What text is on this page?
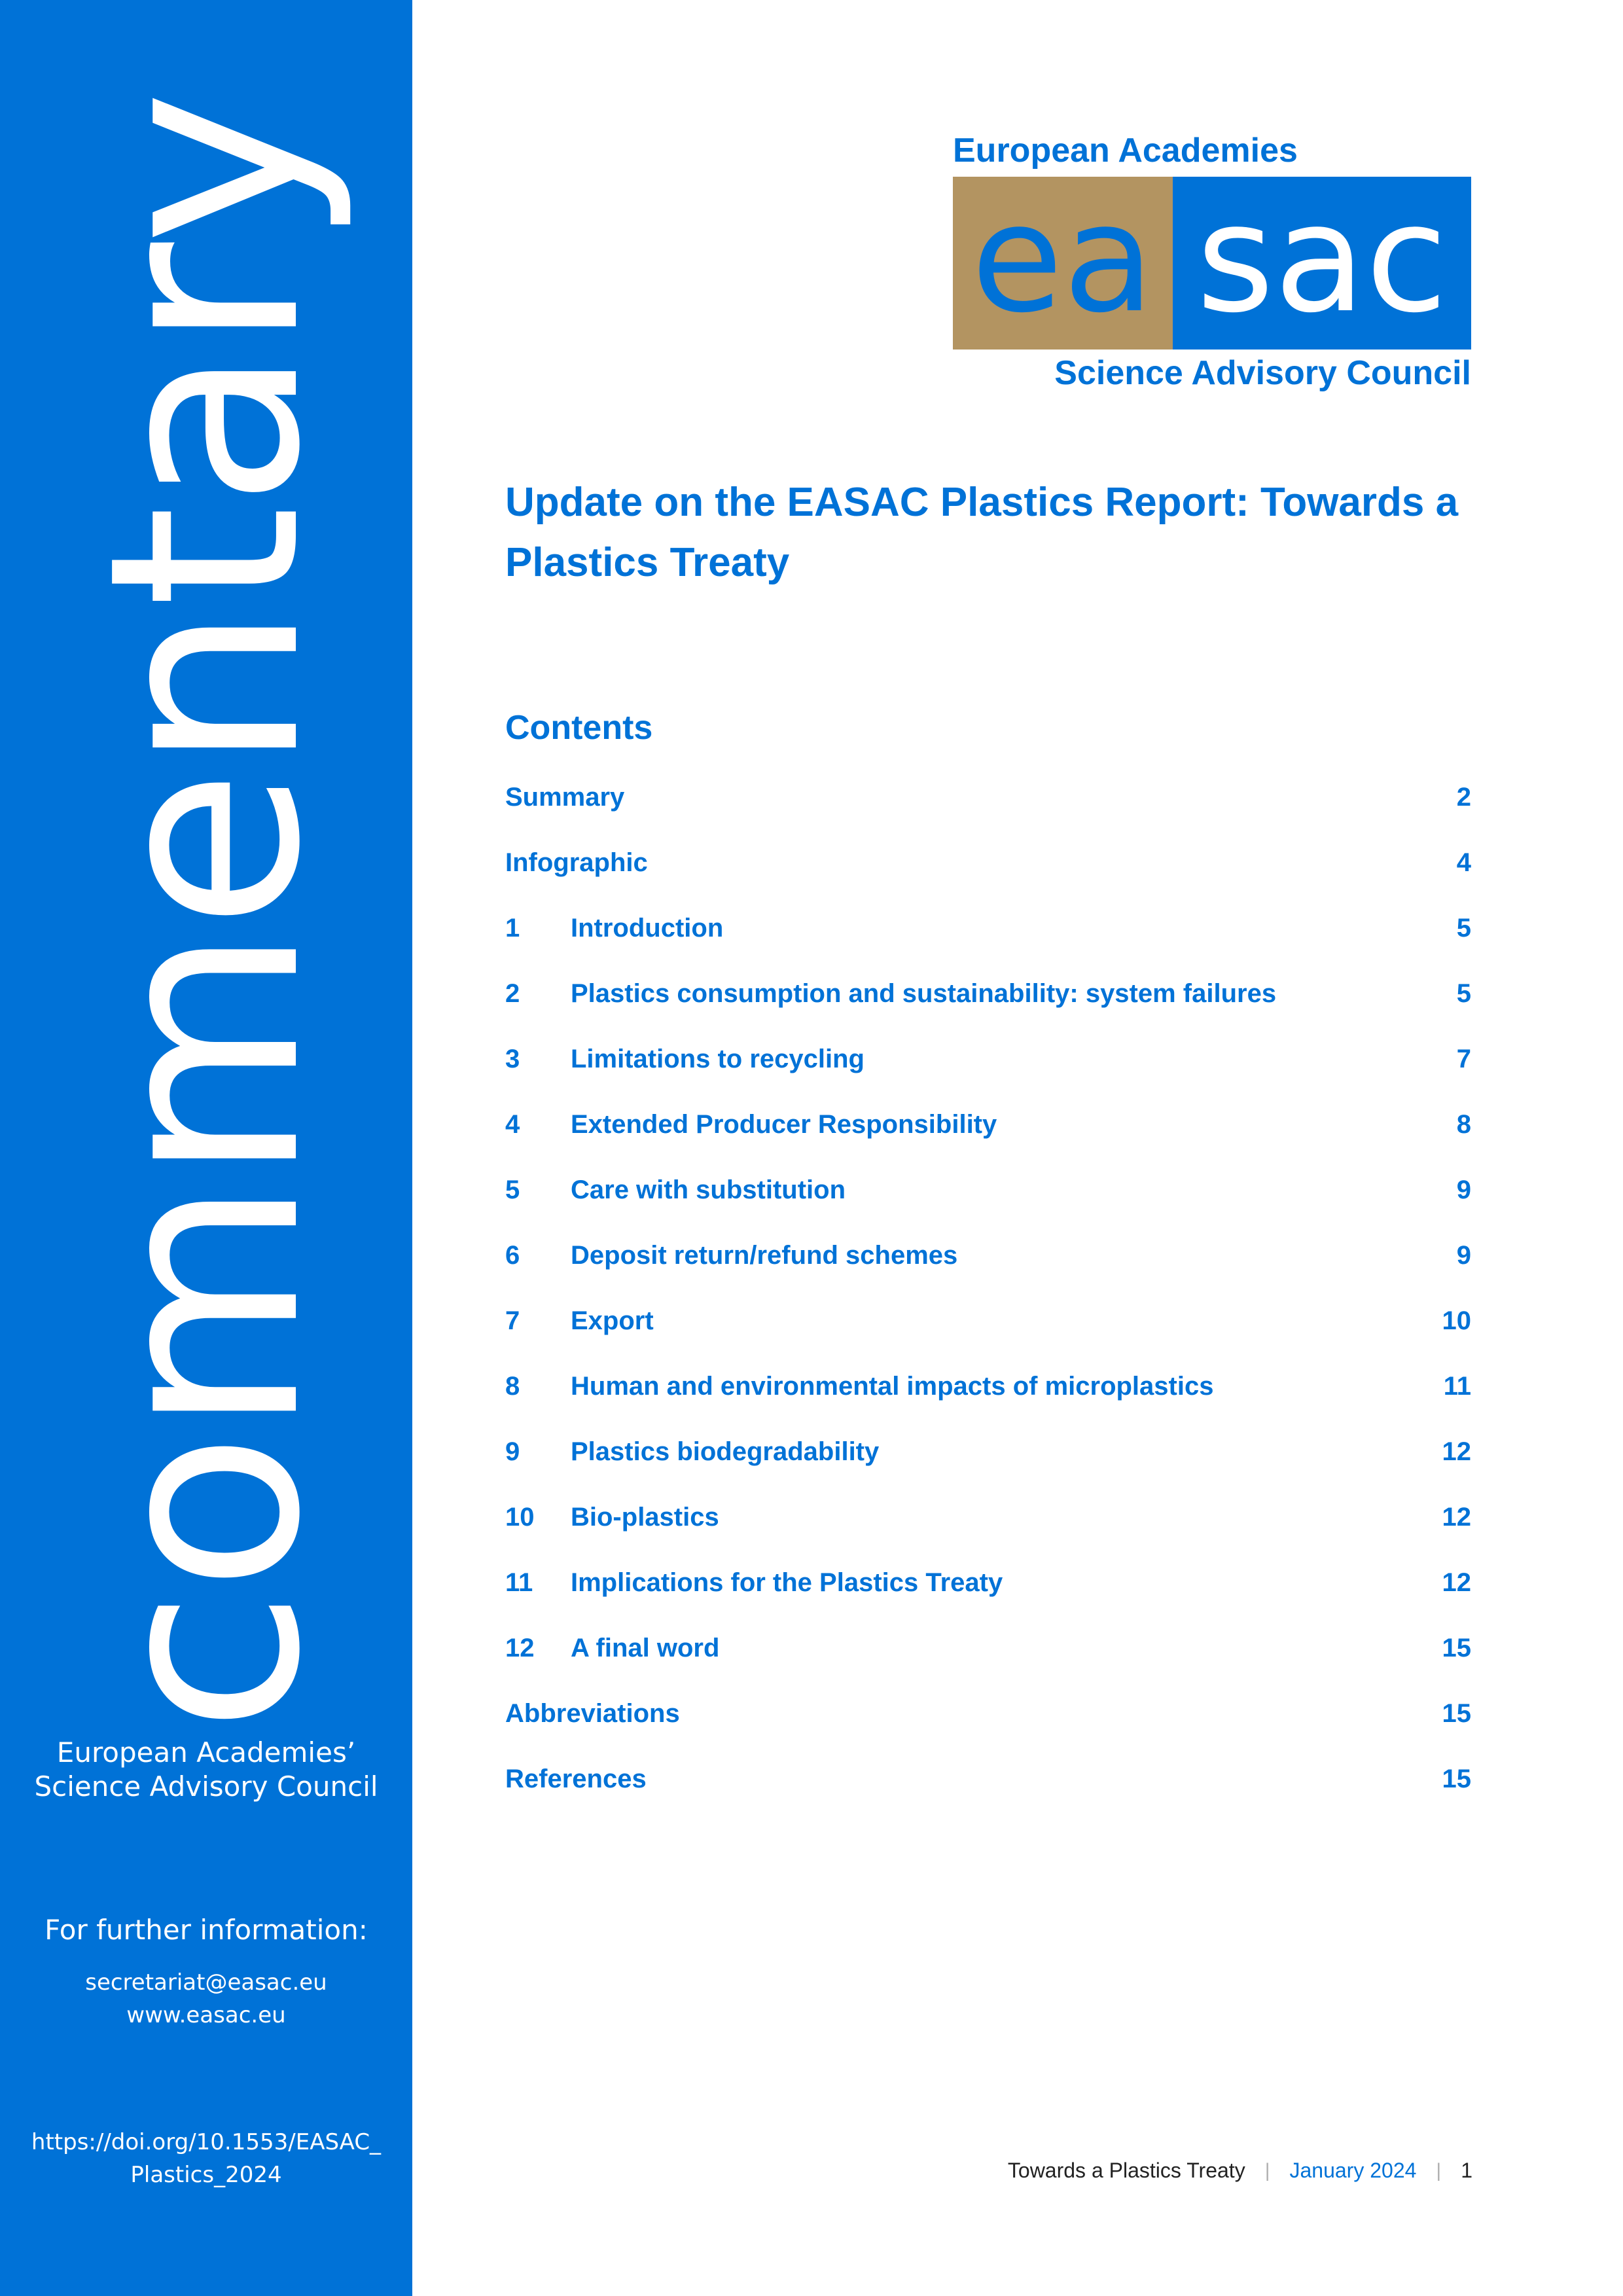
commentary
European Academies’
Science Advisory Council
For further information:
secretariat@easac.eu
www.easac.eu
https://doi.org/10.1553/EASAC_
Plastics_2024
European Academies
ea sac
Science Advisory Council
Update on the EASAC Plastics Report: Towards a Plastics Treaty
Contents
Summary	2
Infographic	4
1	Introduction	5
2	Plastics consumption and sustainability: system failures	5
3	Limitations to recycling	7
4	Extended Producer Responsibility	8
5	Care with substitution	9
6	Deposit return/refund schemes	9
7	Export	10
8	Human and environmental impacts of microplastics	11
9	Plastics biodegradability	12
10	Bio-plastics	12
11	Implications for the Plastics Treaty	12
12	A final word	15
Abbreviations	15
References	15
Towards a Plastics Treaty | January 2024 | 1
